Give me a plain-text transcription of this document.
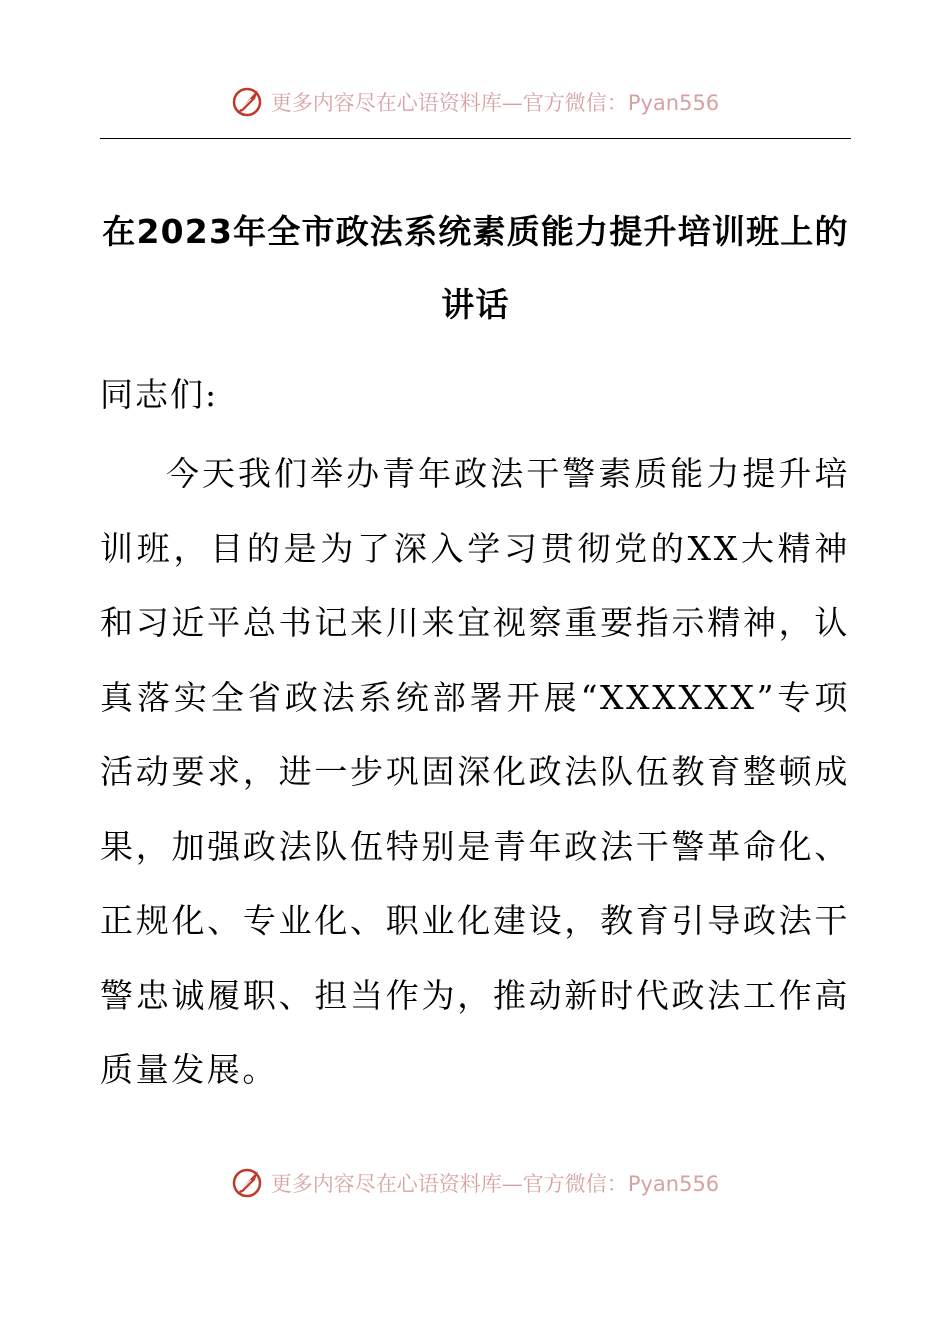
更多内容尽在心语资料库—官方微信：Pyan556
在2023年全市政法系统素质能力提升培训班上的讲话
同志们:
今天我们举办青年政法干警素质能力提升培训班，目的是为了深入学习贯彻党的XX大精神和习近平总书记来川来宜视察重要指示精神，认真落实全省政法系统部署开展“XXXXXX”专项活动要求，进一步巩固深化政法队伍教育整顿成果，加强政法队伍特别是青年政法干警革命化、正规化、专业化、职业化建设，教育引导政法干警忠诚履职、担当作为，推动新时代政法工作高质量发展。
更多内容尽在心语资料库—官方微信：Pyan556
